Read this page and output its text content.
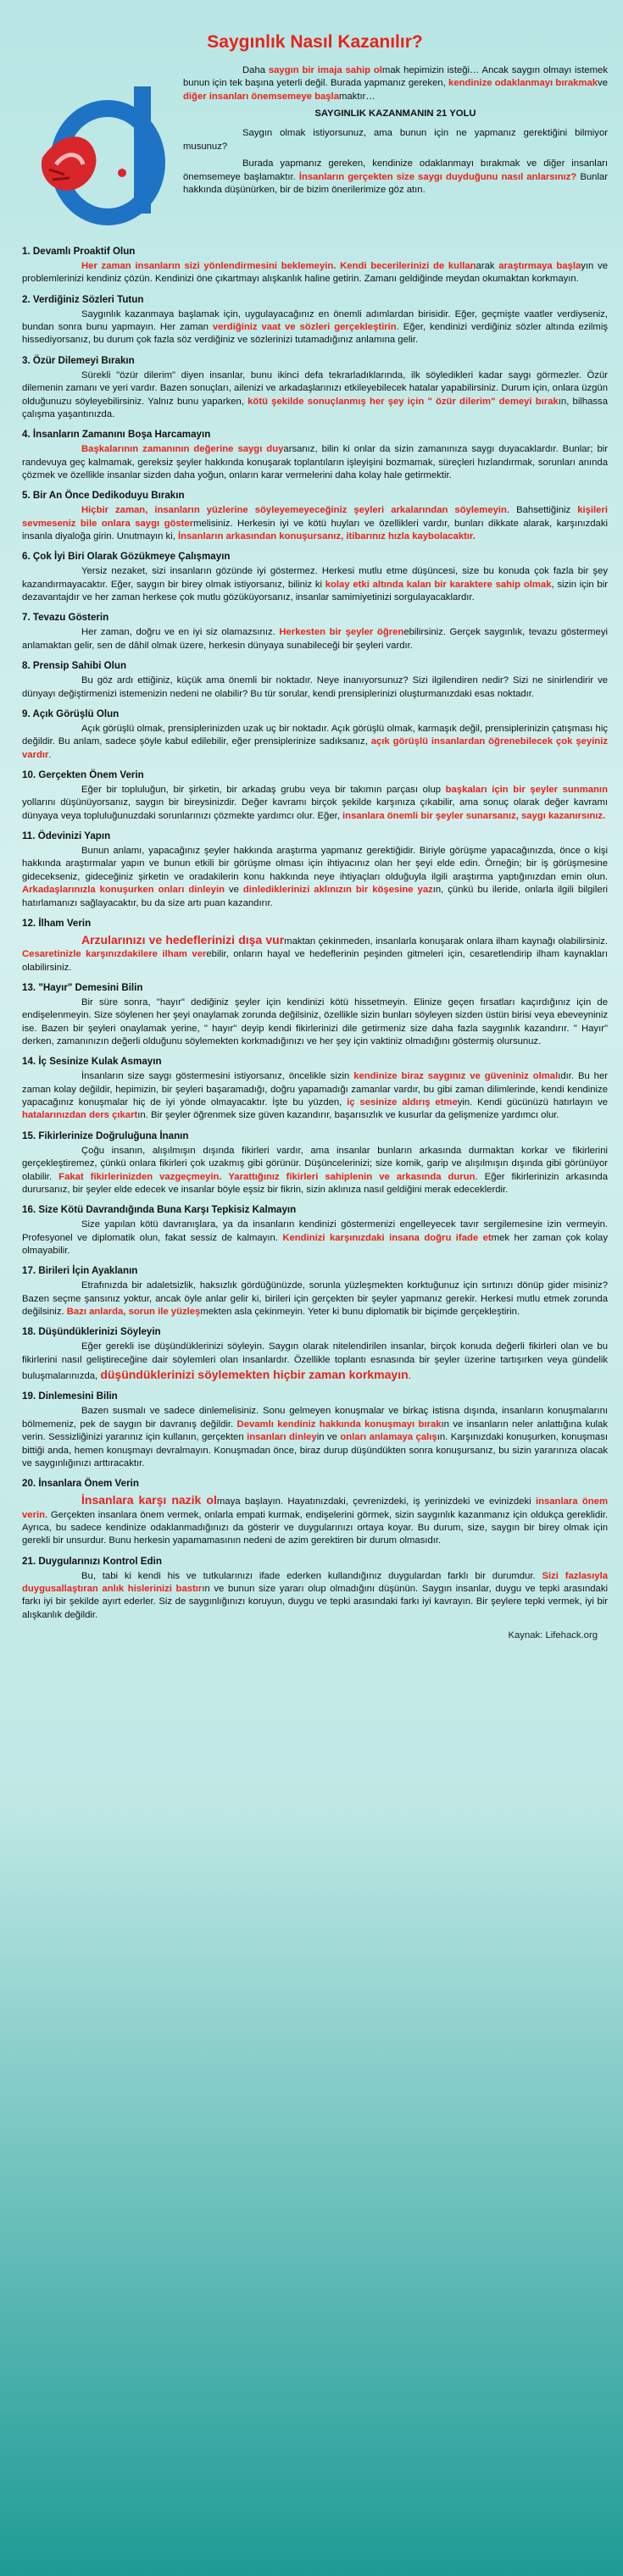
Saygınlık Nasıl Kazanılır?

Daha saygın bir imaja sahip olmak hepimizin isteği… Ancak saygın olmayı istemek bunun için tek başına yeterli değil. Burada yapmanız gereken, kendinize odaklanmayı bırakmakve diğer insanları önemsemeye başlamaktır…

SAYGINLIK KAZANMANIN 21 YOLU

Saygın olmak istiyorsunuz, ama bunun için ne yapmanız gerektiğini bilmiyor musunuz?

Burada yapmanız gereken, kendinize odaklanmayı bırakmak ve diğer insanları önemsemeye başlamaktır. İnsanların gerçekten size saygı duyduğunu nasıl anlarsınız? Bunlar hakkında düşünürken, bir de bizim önerilerimize göz atın.

1. Devamlı Proaktif Olun

Her zaman insanların sizi yönlendirmesini beklemeyin. Kendi becerilerinizi de kullanarak araştırmaya başlayın ve problemlerinizi kendiniz çözün. Kendinizi öne çıkartmayı alışkanlık haline getirin. Zamanı geldiğinde meydan okumaktan korkmayın.

2. Verdiğiniz Sözleri Tutun

Saygınlık kazanmaya başlamak için, uygulayacağınız en önemli adımlardan birisidir. Eğer, geçmişte vaatler verdiyseniz, bundan sonra bunu yapmayın. Her zaman verdiğiniz vaat ve sözleri gerçekleştirin. Eğer, kendinizi verdiğiniz sözler altında ezilmiş hissediyorsanız, bu durum çok fazla söz verdiğiniz ve sözlerinizi tutamadığınız anlamına gelir.

3. Özür Dilemeyi Bırakın

Sürekli "özür dilerim" diyen insanlar, bunu ikinci defa tekrarladıklarında, ilk söyledikleri kadar saygı görmezler. Özür dilemenin zamanı ve yeri vardır. Bazen sonuçları, ailenizi ve arkadaşlarınızı etkileyebilecek hatalar yapabilirsiniz. Durum için, onlara üzgün olduğunuzu söyleyebilirsiniz. Yalnız bunu yaparken, kötü şekilde sonuçlanmış her şey için " özür dilerim" demeyi bırakın, bilhassa çalışma yaşantınızda.

4. İnsanların Zamanını Boşa Harcamayın

Başkalarının zamanının değerine saygı duyarsanız, bilin ki onlar da sizin zamanınıza saygı duyacaklardır. Bunlar; bir randevuya geç kalmamak, gereksiz şeyler hakkında konuşarak toplantıların işleyişini bozmamak, süreçleri hızlandırmak, sorunları anında çözmek ve özellikle insanlar sizden daha yoğun, onların karar vermelerini daha kolay hale getirmektir.

5. Bir An Önce Dedikoduyu Bırakın

Hiçbir zaman, insanların yüzlerine söyleyemeyeceğiniz şeyleri arkalarından söylemeyin. Bahsettiğiniz kişileri sevmeseniz bile onlara saygı göstermelisiniz. Herkesin iyi ve kötü huyları ve özellikleri vardır, bunları dikkate alarak, karşınızdaki insanla diyaloğa girin. Unutmayın ki, İnsanların arkasından konuşursanız, itibarınız hızla kaybolacaktır.

6. Çok İyi Biri Olarak Gözükmeye Çalışmayın

Yersiz nezaket, sizi insanların gözünde iyi göstermez. Herkesi mutlu etme düşüncesi, size bu konuda çok fazla bir şey kazandırmayacaktır. Eğer, saygın bir birey olmak istiyorsanız, biliniz ki kolay etki altında kalan bir karaktere sahip olmak, sizin için bir dezavantajdır ve her zaman herkese çok mutlu gözüküyorsanız, insanlar samimiyetinizi sorgulayacaklardır.

7. Tevazu Gösterin

Her zaman, doğru ve en iyi siz olamazsınız. Herkesten bir şeyler öğrenebilirsiniz. Gerçek saygınlık, tevazu göstermeyi anlamaktan gelir, sen de dâhil olmak üzere, herkesin dünyaya sunabileceği bir şeyleri vardır.

8. Prensip Sahibi Olun

Bu göz ardı ettiğiniz, küçük ama önemli bir noktadır. Neye inanıyorsunuz? Sizi ilgilendiren nedir? Sizi ne sinirlendirir ve dünyayı değiştirmenizi istemenizin nedeni ne olabilir? Bu tür sorular, kendi prensiplerinizi oluşturmanızdaki esas noktadır.

9. Açık Görüşlü Olun

Açık görüşlü olmak, prensiplerinizden uzak uç bir noktadır. Açık görüşlü olmak, karmaşık değil, prensiplerinizin çatışması hiç değildir. Bu anlam, sadece şöyle kabul edilebilir, eğer prensiplerinize sadıksanız, açık görüşlü insanlardan öğrenebilecek çok şeyiniz vardır.

10. Gerçekten Önem Verin

Eğer bir topluluğun, bir şirketin, bir arkadaş grubu veya bir takımın parçası olup başkaları için bir şeyler sunmanın yollarını düşünüyorsanız, saygın bir bireysinizdir. Değer kavramı birçok şekilde karşınıza çıkabilir, ama sonuç olarak değer kavramı dünyaya veya topluluğunuzdaki sorunlarınızı çözmekte yardımcı olur. Eğer, insanlara önemli bir şeyler sunarsanız, saygı kazanırsınız.

11. Ödevinizi Yapın

Bunun anlamı, yapacağınız şeyler hakkında araştırma yapmanız gerektiğidir. Biriyle görüşme yapacağınızda, önce o kişi hakkında araştırmalar yapın ve bunun etkili bir görüşme olması için ihtiyacınız olan her şeyi elde edin. Örneğin; bir iş görüşmesine gidecekseniz, gideceğiniz şirketin ve oradakilerin konu hakkında neye ihtiyaçları olduğuyla ilgili araştırma yaptığınızdan emin olun. Arkadaşlarınızla konuşurken onları dinleyin ve dinlediklerinizi aklınızın bir köşesine yazın, çünkü bu ileride, onlarla ilgili bilgileri hatırlamanızı sağlayacaktır, bu da size artı puan kazandırır.

12. İlham Verin

Arzularınızı ve hedeflerinizi dışa vurmaktan çekinmeden, insanlarla konuşarak onlara ilham kaynağı olabilirsiniz. Cesaretinizle karşınızdakilere ilham verebilir, onların hayal ve hedeflerinin peşinden gitmeleri için, cesaretlendirip ilham kaynakları olabilirsiniz.

13. "Hayır" Demesini Bilin

Bir süre sonra, "hayır" dediğiniz şeyler için kendinizi kötü hissetmeyin. Elinize geçen fırsatları kaçırdığınız için de endişelenmeyin. Size söylenen her şeyi onaylamak zorunda değilsiniz, özellikle sizin bunları söyleyen sizden üstün birisi veya ebeveyniniz ise. Bazen bir şeyleri onaylamak yerine, " hayır" deyip kendi fikirlerinizi dile getirmeniz size daha fazla saygınlık kazandırır. " Hayır" derken, zamanınızın değerli olduğunu söylemekten korkmadığınızı ve her şey için vaktiniz olmadığını göstermiş olursunuz.

14. İç Sesinize Kulak Asmayın

İnsanların size saygı göstermesini istiyorsanız, öncelikle sizin kendinize biraz saygınız ve güveniniz olmalıdır. Bu her zaman kolay değildir, hepimizin, bir şeyleri başaramadığı, doğru yapamadığı zamanlar vardır, bu gibi zaman dilimlerinde, kendi kendinize yapacağınız konuşmalar hiç de iyi yönde olmayacaktır. İşte bu yüzden, iç sesinize aldırış etmeyin. Kendi gücünüzü hatırlayın ve hatalarınızdan ders çıkartın. Bir şeyler öğrenmek size güven kazandırır, başarısızlık ve kusurlar da gelişmenize yardımcı olur.

15. Fikirlerinize Doğruluğuna İnanın

Çoğu insanın, alışılmışın dışında fikirleri vardır, ama insanlar bunların arkasında durmaktan korkar ve fikirlerini gerçekleştiremez, çünkü onlara fikirleri çok uzakmış gibi görünür. Düşüncelerinizi; size komik, garip ve alışılmışın dışında gibi görünüyor olabilir. Fakat fikirlerinizden vazgeçmeyin. Yarattığınız fikirleri sahiplenin ve arkasında durun. Eğer fikirlerinizin arkasında durursanız, bir şeyler elde edecek ve insanlar böyle eşsiz bir fikrin, sizin aklınıza nasıl geldiğini merak edeceklerdir.

16. Size Kötü Davrandığında Buna Karşı Tepkisiz Kalmayın

Size yapılan kötü davranışlara, ya da insanların kendinizi göstermenizi engelleyecek tavır sergilemesine izin vermeyin. Profesyonel ve diplomatik olun, fakat sessiz de kalmayın. Kendinizi karşınızdaki insana doğru ifade etmek her zaman çok kolay olmayabilir.

17. Birileri İçin Ayaklanın

Etrafınızda bir adaletsizlik, haksızlık gördüğünüzde, sorunla yüzleşmekten korktuğunuz için sırtınızı dönüp gider misiniz? Bazen seçme şansınız yoktur, ancak öyle anlar gelir ki, birileri için gerçekten bir şeyler yapmanız gerekir. Herkesi mutlu etmek zorunda değilsiniz. Bazı anlarda, sorun ile yüzleşmekten asla çekinmeyin. Yeter ki bunu diplomatik bir biçimde gerçekleştirin.

18. Düşündüklerinizi Söyleyin

Eğer gerekli ise düşündüklerinizi söyleyin. Saygın olarak nitelendirilen insanlar, birçok konuda değerli fikirleri olan ve bu fikirlerini nasıl geliştireceğine dair söylemleri olan insanlardır. Özellikle toplantı esnasında bir şeyler üzerine tartışırken veya gündelik buluşmalarınızda, düşündüklerinizi söylemekten hiçbir zaman korkmayın.

19. Dinlemesini Bilin

Bazen susmalı ve sadece dinlemelisiniz. Sonu gelmeyen konuşmalar ve birkaç istisna dışında, insanların konuşmalarını bölmemeniz, pek de saygın bir davranış değildir. Devamlı kendiniz hakkında konuşmayı bırakın ve insanların neler anlattığına kulak verin. Sessizliğinizi yararınız için kullanın, gerçekten insanları dinleyin ve onları anlamaya çalışın. Karşınızdaki konuşurken, konuşması bittiği anda, hemen konuşmayı devralmayın. Konuşmadan önce, biraz durup düşündükten sonra konuşursanız, bu sizin yararınıza olacak ve saygınlığınızı arttıracaktır.

20. İnsanlara Önem Verin

İnsanlara karşı nazik olmaya başlayın. Hayatınızdaki, çevrenizdeki, iş yerinizdeki ve evinizdeki insanlara önem verin. Gerçekten insanlara önem vermek, onlarla empati kurmak, endişelerini görmek, sizin saygınlık kazanmanız için oldukça gereklidir. Ayrıca, bu sadece kendinize odaklanmadığınızı da gösterir ve duygularınızı ortaya koyar. Bu durum, size, saygın bir birey olmak için gerekli bir unsurdur. Bunu herkesin yapamamasının nedeni de azim gerektiren bir durum olmasıdır.

21. Duygularınızı Kontrol Edin

Bu, tabi ki kendi his ve tutkularınızı ifade ederken kullandığınız duygulardan farklı bir durumdur. Sizi fazlasıyla duygusallaştıran anlık hislerinizi bastırın ve bunun size yararı olup olmadığını düşünün. Saygın insanlar, duygu ve tepki arasındaki farkı iyi bir şekilde ayırt ederler. Siz de saygınlığınızı koruyun, duygu ve tepki arasındaki farkı iyi kavrayın. Bir şeylere tepki vermek, iyi bir alışkanlık değildir.

Kaynak: Lifehack.org
